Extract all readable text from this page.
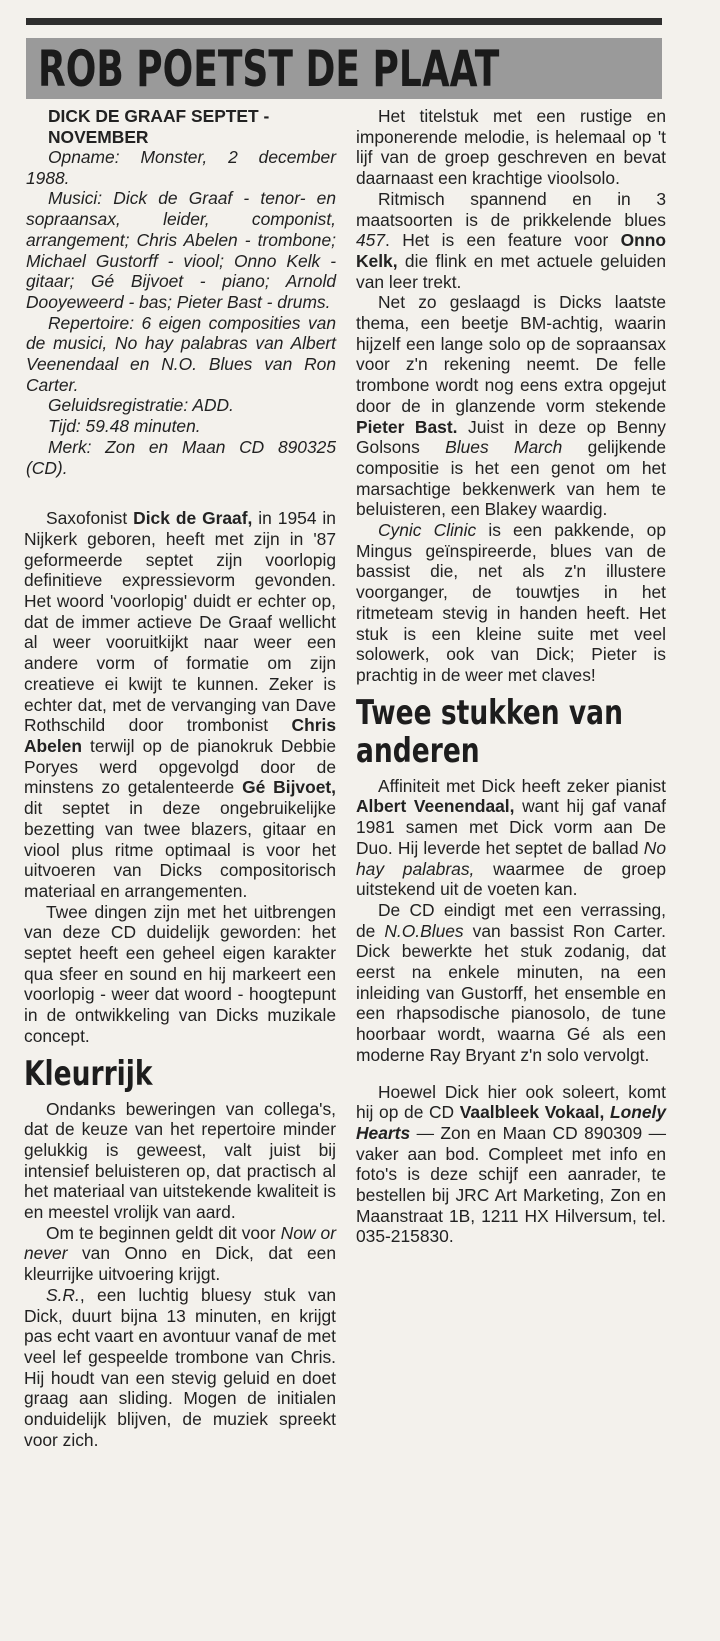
ROB POETST DE PLAAT

DICK DE GRAAF SEPTET - NOVEMBER

Opname: Monster, 2 december 1988.

Musici: Dick de Graaf - tenor- en sopraansax, leider, componist, arrangement; Chris Abelen - trombone; Michael Gustorff - viool; Onno Kelk - gitaar; Gé Bijvoet - piano; Arnold Dooyeweerd - bas; Pieter Bast - drums.

Repertoire: 6 eigen composities van de musici, No hay palabras van Albert Veenendaal en N.O. Blues van Ron Carter.

Geluidsregistratie: ADD.

Tijd: 59.48 minuten.

Merk: Zon en Maan CD 890325 (CD).

Saxofonist Dick de Graaf, in 1954 in Nijkerk geboren, heeft met zijn in '87 geformeerde septet zijn voorlopig definitieve expressievorm gevonden. Het woord 'voorlopig' duidt er echter op, dat de immer actieve De Graaf wellicht al weer vooruitkijkt naar weer een andere vorm of formatie om zijn creatieve ei kwijt te kunnen. Zeker is echter dat, met de vervanging van Dave Rothschild door trombonist Chris Abelen terwijl op de pianokruk Debbie Poryes werd opgevolgd door de minstens zo getalenteerde Gé Bijvoet, dit septet in deze ongebruikelijke bezetting van twee blazers, gitaar en viool plus ritme optimaal is voor het uitvoeren van Dicks compositorisch materiaal en arrangementen.

Twee dingen zijn met het uitbrengen van deze CD duidelijk geworden: het septet heeft een geheel eigen karakter qua sfeer en sound en hij markeert een voorlopig - weer dat woord - hoogtepunt in de ontwikkeling van Dicks muzikale concept.

Kleurrijk

Ondanks beweringen van collega's, dat de keuze van het repertoire minder gelukkig is geweest, valt juist bij intensief beluisteren op, dat practisch al het materiaal van uitstekende kwaliteit is en meestel vrolijk van aard.

Om te beginnen geldt dit voor Now or never van Onno en Dick, dat een kleurrijke uitvoering krijgt.

S.R., een luchtig bluesy stuk van Dick, duurt bijna 13 minuten, en krijgt pas echt vaart en avontuur vanaf de met veel lef gespeelde trombone van Chris. Hij houdt van een stevig geluid en doet graag aan sliding. Mogen de initialen onduidelijk blijven, de muziek spreekt voor zich.

Het titelstuk met een rustige en imponerende melodie, is helemaal op 't lijf van de groep geschreven en bevat daarnaast een krachtige vioolsolo.

Ritmisch spannend en in 3 maatsoorten is de prikkelende blues 457. Het is een feature voor Onno Kelk, die flink en met actuele geluiden van leer trekt.

Net zo geslaagd is Dicks laatste thema, een beetje BM-achtig, waarin hijzelf een lange solo op de sopraansax voor z'n rekening neemt. De felle trombone wordt nog eens extra opgejut door de in glanzende vorm stekende Pieter Bast. Juist in deze op Benny Golsons Blues March gelijkende compositie is het een genot om het marsachtige bekkenwerk van hem te beluisteren, een Blakey waardig.

Cynic Clinic is een pakkende, op Mingus geïnspireerde, blues van de bassist die, net als z'n illustere voorganger, de touwtjes in het ritmeteam stevig in handen heeft. Het stuk is een kleine suite met veel solowerk, ook van Dick; Pieter is prachtig in de weer met claves!

Twee stukken van anderen

Affiniteit met Dick heeft zeker pianist Albert Veenendaal, want hij gaf vanaf 1981 samen met Dick vorm aan De Duo. Hij leverde het septet de ballad No hay palabras, waarmee de groep uitstekend uit de voeten kan.

De CD eindigt met een verrassing, de N.O.Blues van bassist Ron Carter. Dick bewerkte het stuk zodanig, dat eerst na enkele minuten, na een inleiding van Gustorff, het ensemble en een rhapsodische pianosolo, de tune hoorbaar wordt, waarna Gé als een moderne Ray Bryant z'n solo vervolgt.

Hoewel Dick hier ook soleert, komt hij op de CD Vaalbleek Vokaal, Lonely Hearts — Zon en Maan CD 890309 — vaker aan bod. Compleet met info en foto's is deze schijf een aanrader, te bestellen bij JRC Art Marketing, Zon en Maanstraat 1B, 1211 HX Hilversum, tel. 035-215830.
